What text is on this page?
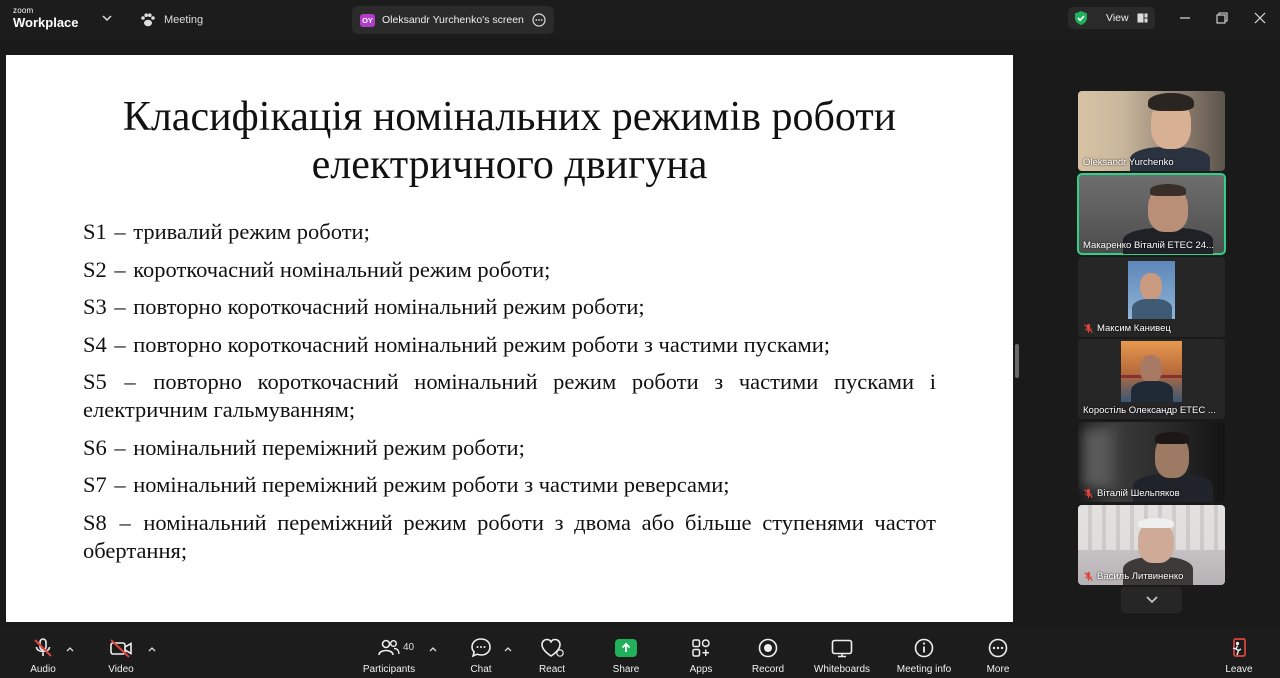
zoom
Workplace	Meeting	OY Oleksandr Yurchenko's screen	View
Класифікація номінальних режимів роботи
електричного двигуна
S1 – тривалий режим роботи;
S2 – короткочасний номінальний режим роботи;
S3 – повторно короткочасний номінальний режим роботи;
S4 – повторно короткочасний номінальний режим роботи з частими пусками;
S5 – повторно короткочасний номінальний режим роботи з частими пусками і електричним гальмуванням;
S6 – номінальний переміжний режим роботи;
S7 – номінальний переміжний режим роботи з частими реверсами;
S8 – номінальний переміжний режим роботи з двома або більше ступенями частот обертання;
Oleksandr Yurchenko
Макаренко Віталій ЕТЕС 24...
Максим Канивец
Коростіль Олександр ЕТЕС ...
Віталій Шельпяков
Василь Литвиненко
Audio	Video	Participants
40
Chat	React	Share	Apps	Record	Whiteboards	Meeting info	More	Leave
